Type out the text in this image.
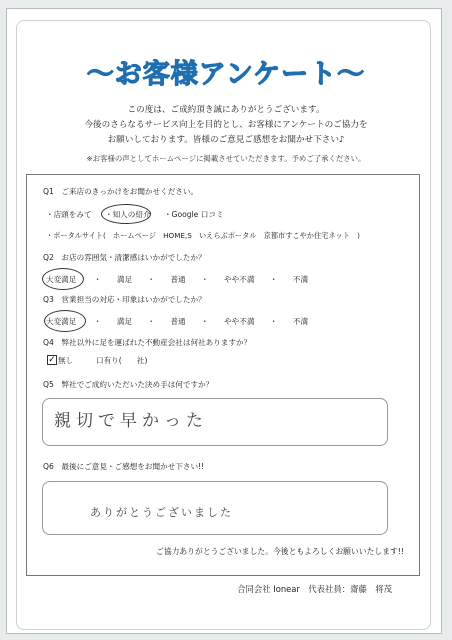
～お客様アンケート～
この度は、ご成約頂き誠にありがとうございます。
今後のさらなるサービス向上を目的とし、お客様にアンケートのご協力を
お願いしております。皆様のご意見ご感想をお聞かせ下さい♪
※お客様の声としてホームページに掲載させていただきます。予めご了承ください。
Q1　ご来店のきっかけをお聞かせください。
・店頭をみて ・知人の紹介 ・Google 口コミ
・ポータルサイト(　ホームページ　HOME,S　いえらぶポータル　京都市すこやか住宅ネット　)
Q2　お店の雰囲気・清潔感はいかがでしたか？
大変満足 ・ 満足 ・ 普通 ・ やや不満 ・ 不満
Q3　営業担当の対応・印象はいかがでしたか？
大変満足 ・ 満足 ・ 普通 ・ やや不満 ・ 不満
Q4　弊社以外に足を運ばれた不動産会社は何社ありますか？
✓ 無し	口有り(　　社)
Q5　弊社でご成約いただいた決め手は何ですか？
親切で早かった
Q6　最後にご意見・ご感想をお聞かせ下さい!!
ありがとうございました
ご協力ありがとうございました。今後ともよろしくお願いいたします!!
合同会社 Ionear　代表社員：齋藤　将茂
